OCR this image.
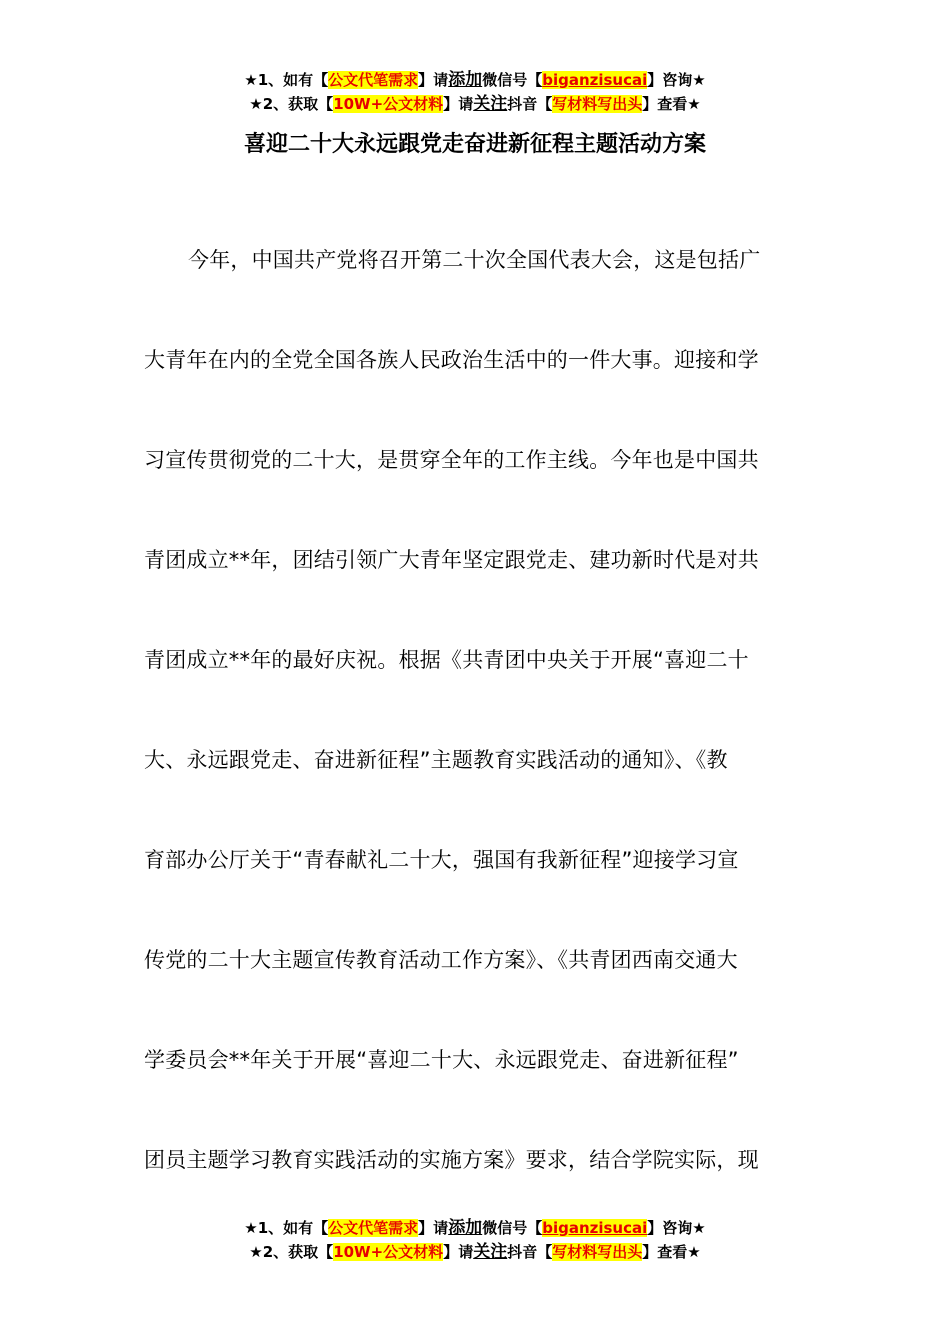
★1、如有【公文代笔需求】请添加微信号【biganzisucai】咨询★
★2、获取【10W+公文材料】请关注抖音【写材料写出头】查看★
喜迎二十大永远跟党走奋进新征程主题活动方案
今年，中国共产党将召开第二十次全国代表大会，这是包括广
大青年在内的全党全国各族人民政治生活中的一件大事。迎接和学
习宣传贯彻党的二十大，是贯穿全年的工作主线。今年也是中国共
青团成立**年，团结引领广大青年坚定跟党走、建功新时代是对共
青团成立**年的最好庆祝。根据《共青团中央关于开展“喜迎二十
大、永远跟党走、奋进新征程”主题教育实践活动的通知》、《教
育部办公厅关于“青春献礼二十大，强国有我新征程”迎接学习宣
传党的二十大主题宣传教育活动工作方案》、《共青团西南交通大
学委员会**年关于开展“喜迎二十大、永远跟党走、奋进新征程”
团员主题学习教育实践活动的实施方案》要求，结合学院实际，现
★1、如有【公文代笔需求】请添加微信号【biganzisucai】咨询★
★2、获取【10W+公文材料】请关注抖音【写材料写出头】查看★
